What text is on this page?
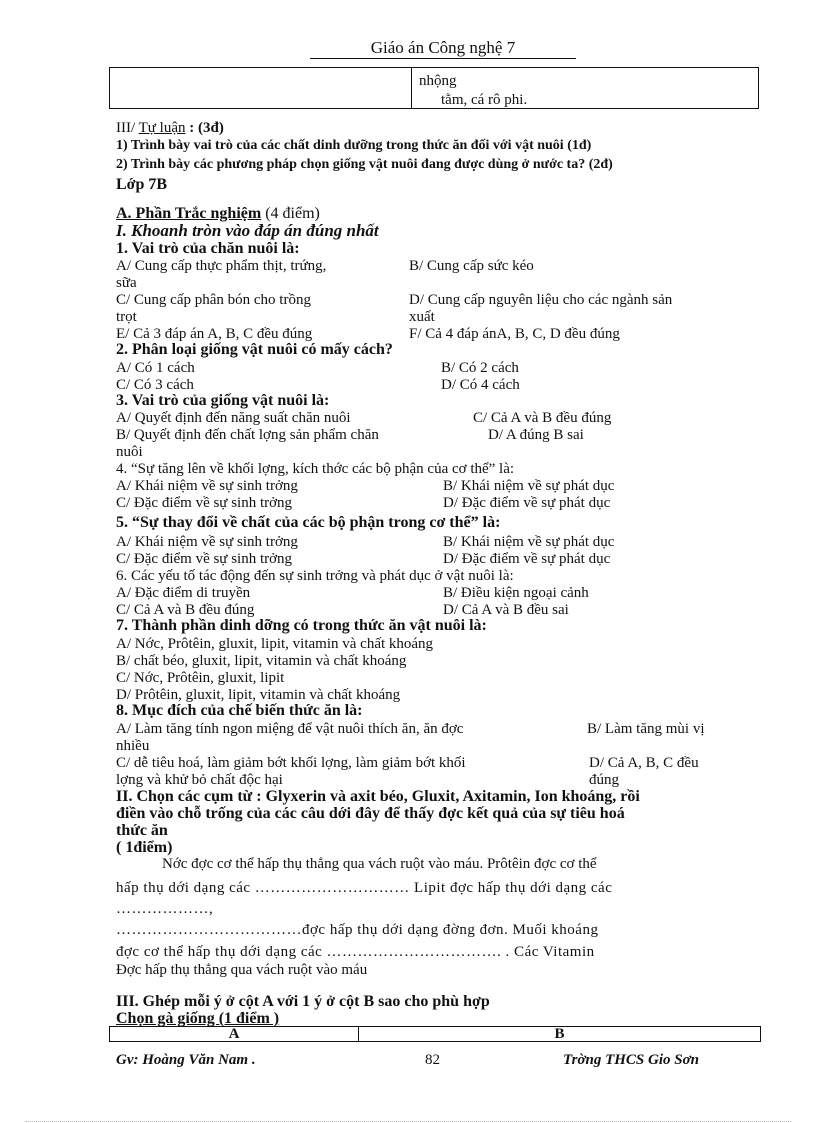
Giáo án Công nghệ 7
nhộng
tằm, cá rô phi.
III/ Tự luận : (3đ)
1) Trình bày vai trò của các chất dinh dưỡng trong thức ăn đối với vật nuôi (1đ)
2) Trình bày các phương pháp chọn giống vật nuôi đang được dùng ở nước ta? (2đ)
Lớp 7B
A. Phần Trắc nghiệm (4 điểm)
I. Khoanh tròn vào đáp án đúng nhất
1. Vai trò của chăn nuôi là:
A/ Cung cấp thực phẩm thịt, trứng,
sữa
B/ Cung cấp sức kéo
C/ Cung cấp phân bón cho trồng
trọt
D/ Cung cấp nguyên liệu cho các ngành sản
xuất
E/ Cả 3 đáp án A, B, C đều đúng	F/ Cả 4 đáp ánA, B, C, D đều đúng
2. Phân loại giống vật nuôi có mấy cách?
A/ Có 1 cách	B/ Có 2 cách
C/ Có 3 cách	D/ Có 4 cách
3. Vai trò của giống vật nuôi là:
A/ Quyết định đến năng suất chăn nuôi	C/ Cả A và B đều đúng
B/ Quyết định đến chất lợng sản phẩm chăn
nuôi
D/ A đúng B sai
4. “Sự tăng lên về khối lợng, kích thớc các bộ phận của cơ thể” là:
A/ Khái niệm về sự sinh trởng	B/ Khái niệm về sự phát dục
C/ Đặc điểm về sự sinh trởng	D/ Đặc điểm về sự phát dục
5. “Sự thay đổi về chất của các bộ phận trong cơ thể” là:
A/ Khái niệm về sự sinh trởng	B/ Khái niệm về sự phát dục
C/ Đặc điểm về sự sinh trởng	D/ Đặc điểm về sự phát dục
6. Các yếu tố tác động đến sự sinh trởng và phát dục ở vật nuôi là:
A/ Đặc điểm di truyền	B/ Điều kiện ngoại cảnh
C/ Cả A và B đều đúng	D/ Cả A và B đều sai
7. Thành phần dinh dỡng có trong thức ăn vật nuôi là:
A/ Nớc, Prôtêin, gluxit, lipit, vitamin và chất khoáng
B/ chất béo, gluxit, lipit, vitamin và chất khoáng
C/ Nớc, Prôtêin, gluxit, lipit
D/ Prôtêin, gluxit, lipit, vitamin và chất khoáng
8. Mục đích của chế biến thức ăn là:
A/ Làm tăng tính ngon miệng để vật nuôi thích ăn, ăn đợc
nhiều
B/ Làm tăng mùi vị
C/ dễ tiêu hoá, làm giảm bớt khối lợng, làm giảm bớt khối
lợng và khử bỏ chất độc hại
D/ Cả A, B, C đều
đúng
II. Chọn các cụm từ : Glyxerin và axit béo, Gluxit, Axitamin, Ion khoáng, rồi
điền vào chỗ trống của các câu dới đây để thấy đợc kết quả của sự tiêu hoá
thức ăn
( 1điểm)
Nớc đợc cơ thể hấp thụ thẳng qua vách ruột vào máu. Prôtêin đợc cơ thể
hấp thụ dới dạng các ………………………… Lipit đợc hấp thụ dới dạng các
………………,
………………………………đợc hấp thụ dới dạng đờng đơn. Muối khoáng
đợc cơ thể hấp thụ dới dạng các ……………………………. . Các Vitamin
Đợc hấp thụ thẳng qua vách ruột vào máu
III. Ghép mỗi ý ở cột A với 1 ý ở cột B sao cho phù hợp
Chọn gà giống (1 điểm )
A	B
Gv: Hoàng Văn Nam .	82	Trờng THCS Gio Sơn
